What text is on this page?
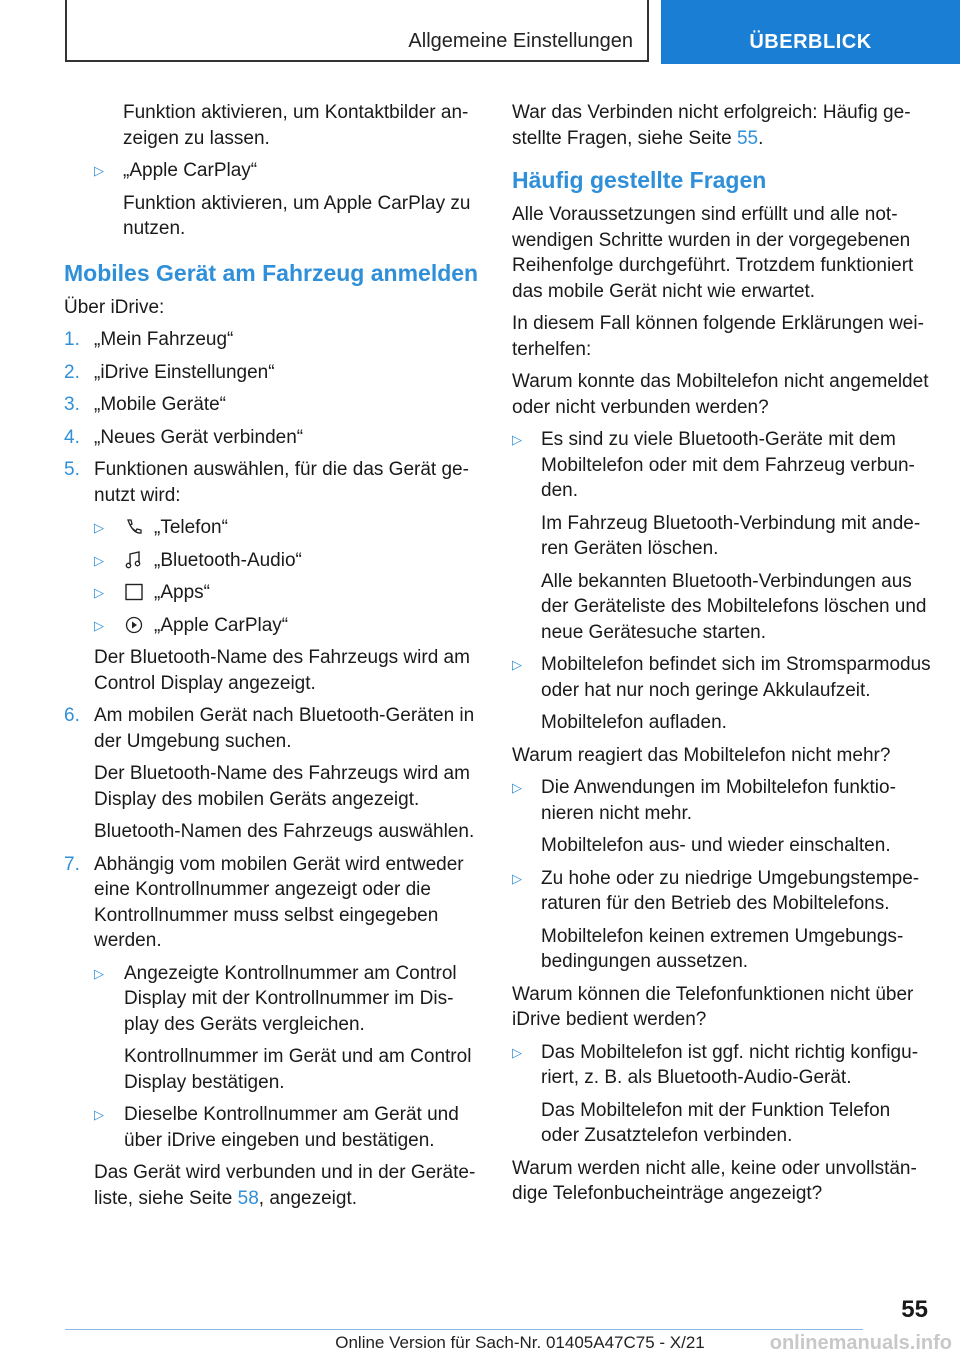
Allgemeine Einstellungen	ÜBERBLICK

Funktion aktivieren, um Kontaktbilder anzeigen zu lassen.

▷ „Apple CarPlay“
Funktion aktivieren, um Apple CarPlay zu nutzen.
Mobiles Gerät am Fahrzeug anmelden

Über iDrive:

1. „Mein Fahrzeug“
2. „iDrive Einstellungen“
3. „Mobile Geräte“
4. „Neues Gerät verbinden“
5. Funktionen auswählen, für die das Gerät genutzt wird:
▷	„Telefon“
▷	„Bluetooth-Audio“
▷	„Apps“
▷	„Apple CarPlay“

Der Bluetooth-Name des Fahrzeugs wird am Control Display angezeigt.

6. Am mobilen Gerät nach Bluetooth-Geräten in der Umgebung suchen.

Der Bluetooth-Name des Fahrzeugs wird am Display des mobilen Geräts angezeigt.

Bluetooth-Namen des Fahrzeugs auswählen.

7. Abhängig vom mobilen Gerät wird entweder eine Kontrollnummer angezeigt oder die Kontrollnummer muss selbst eingegeben werden.
▷ Angezeigte Kontrollnummer am Control Display mit der Kontrollnummer im Display des Geräts vergleichen.

Kontrollnummer im Gerät und am Control Display bestätigen.

▷ Dieselbe Kontrollnummer am Gerät und über iDrive eingeben und bestätigen.

Das Gerät wird verbunden und in der Geräteliste, siehe Seite 58, angezeigt.

War das Verbinden nicht erfolgreich: Häufig gestellte Fragen, siehe Seite 55.

Häufig gestellte Fragen

Alle Voraussetzungen sind erfüllt und alle notwendigen Schritte wurden in der vorgegebenen Reihenfolge durchgeführt. Trotzdem funktioniert das mobile Gerät nicht wie erwartet.

In diesem Fall können folgende Erklärungen weiterhelfen:

Warum konnte das Mobiltelefon nicht angemeldet oder nicht verbunden werden?

▷ Es sind zu viele Bluetooth-Geräte mit dem Mobiltelefon oder mit dem Fahrzeug verbunden.

Im Fahrzeug Bluetooth-Verbindung mit anderen Geräten löschen.

Alle bekannten Bluetooth-Verbindungen aus der Geräteliste des Mobiltelefons löschen und neue Gerätesuche starten.

▷ Mobiltelefon befindet sich im Stromsparmodus oder hat nur noch geringe Akkulaufzeit.

Mobiltelefon aufladen.

Warum reagiert das Mobiltelefon nicht mehr?

▷ Die Anwendungen im Mobiltelefon funktionieren nicht mehr.

Mobiltelefon aus- und wieder einschalten.

▷ Zu hohe oder zu niedrige Umgebungstemperaturen für den Betrieb des Mobiltelefons.

Mobiltelefon keinen extremen Umgebungsbedingungen aussetzen.

Warum können die Telefonfunktionen nicht über iDrive bedient werden?

▷ Das Mobiltelefon ist ggf. nicht richtig konfiguriert, z. B. als Bluetooth-Audio-Gerät.

Das Mobiltelefon mit der Funktion Telefon oder Zusatztelefon verbinden.

Warum werden nicht alle, keine oder unvollständige Telefonbucheinträge angezeigt?

55
Online Version für Sach-Nr. 01405A47C75 - X/21	onlinemanuals.info
